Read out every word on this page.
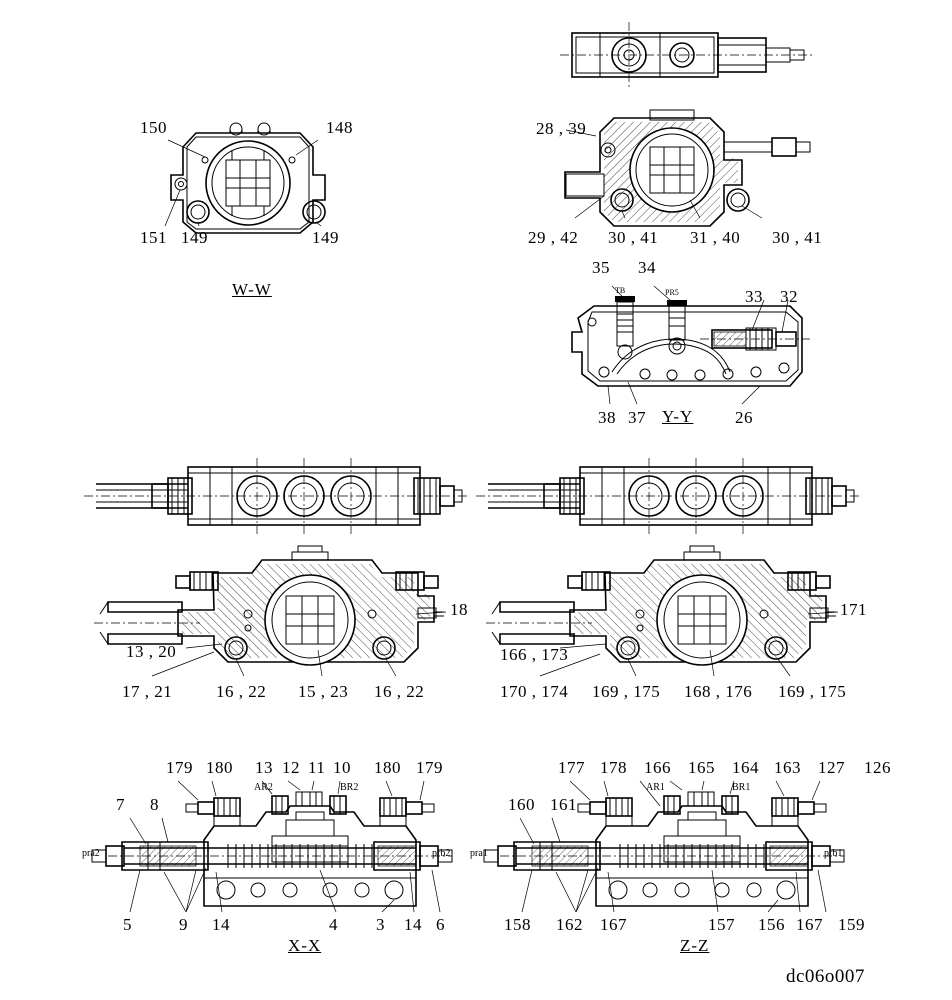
150	148
151 149	149
W-W
28 , 39
29 , 42 30 , 41 31 , 40 30 , 41
35 34
33 32
38 37	26
TB	PR5
Y-Y
18
13 , 20
17 , 21	16 , 22 15 , 23 16 , 22
171
166 , 173
170 , 174 169 , 175 168 , 176 169 , 175
179 180 13 12 11 10 180 179
7 8
5	9 14	4 3 14 6
AR2	BR2
pra2	prb2
X-X
177 178 166 165 164 163 127 126
160 161
158 162 167	157 156 167 159
AR1	BR1
pra1	prb1
Z-Z
dc06o007
